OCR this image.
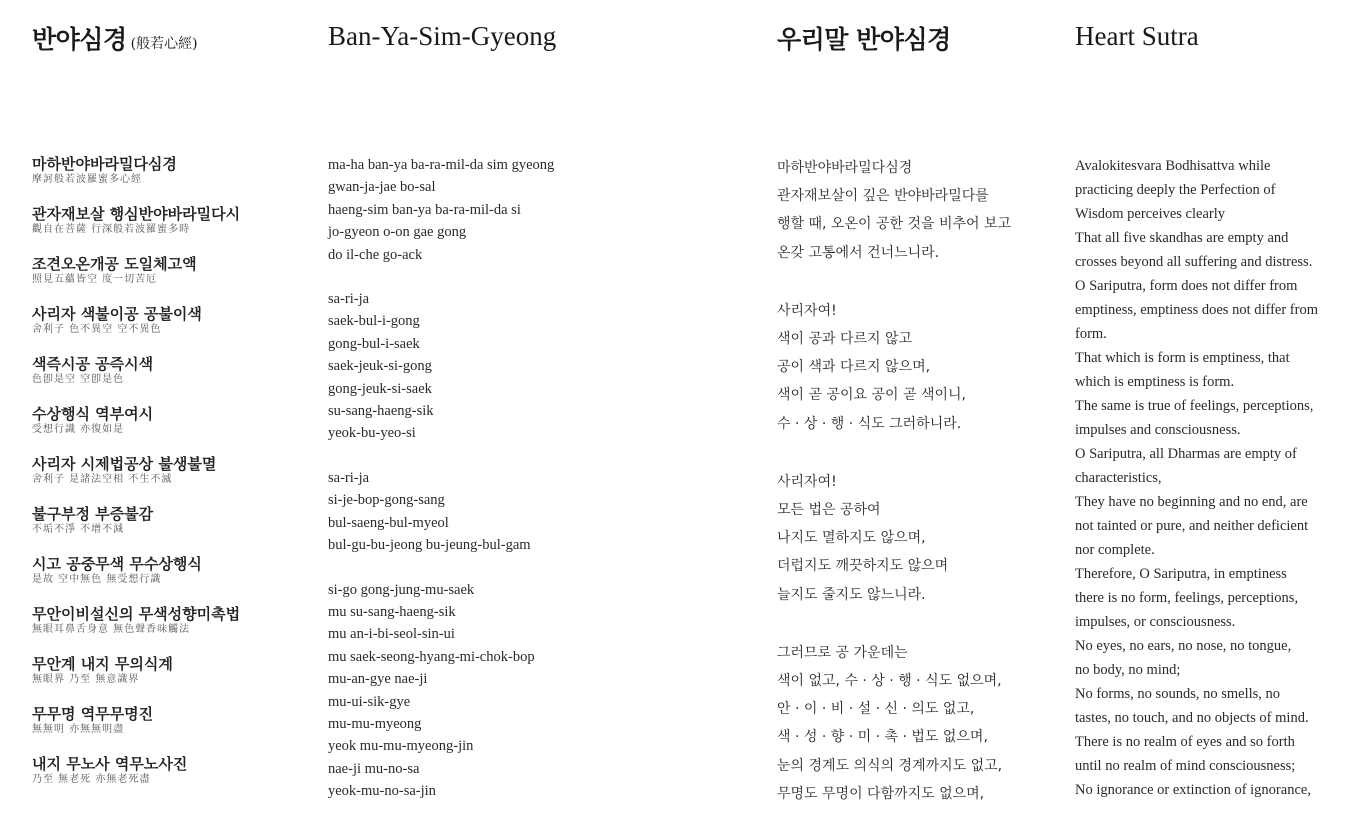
반야심경 (般若心經)
마하반야바라밀다심경
摩訶般若波羅蜜多心經
관자재보살 행심반야바라밀다시
觀自在菩薩 行深般若波羅蜜多時
조견오온개공 도일체고액
照見五蘊皆空 度一切苦厄
사리자 색불이공 공불이색
舍利子 色不異空 空不異色
색즉시공 공즉시색
色卽是空 空卽是色
수상행식 역부여시
受想行識 亦復如是
사리자 시제법공상 불생불멸
舍利子 是諸法空相 不生不滅
불구부정 부증불감
不垢不淨 不增不減
시고 공중무색 무수상행식
是故 空中無色 無受想行識
무안이비설신의 무색성향미촉법
無眼耳鼻舌身意 無色聲香味觸法
무안계 내지 무의식계
無眼界 乃至 無意識界
무무명 역무무명진
無無明 亦無無明盡
내지 무노사 역무노사진
乃至 無老死 亦無老死盡
Ban-Ya-Sim-Gyeong
ma-ha ban-ya ba-ra-mil-da sim gyeong
gwan-ja-jae bo-sal
haeng-sim ban-ya ba-ra-mil-da si
jo-gyeon o-on gae gong
do il-che go-ack
sa-ri-ja
saek-bul-i-gong
gong-bul-i-saek
saek-jeuk-si-gong
gong-jeuk-si-saek
su-sang-haeng-sik
yeok-bu-yeo-si
sa-ri-ja
si-je-bop-gong-sang
bul-saeng-bul-myeol
bul-gu-bu-jeong bu-jeung-bul-gam
si-go gong-jung-mu-saek
mu su-sang-haeng-sik
mu an-i-bi-seol-sin-ui
mu saek-seong-hyang-mi-chok-bop
mu-an-gye nae-ji
mu-ui-sik-gye
mu-mu-myeong
yeok mu-mu-myeong-jin
nae-ji mu-no-sa
yeok-mu-no-sa-jin
우리말 반야심경
마하반야바라밀다심경
관자재보살이 깊은 반야바라밀다를
행할 때, 오온이 공한 것을 비추어 보고
온갖 고통에서 건너느니라.
사리자여!
색이 공과 다르지 않고
공이 색과 다르지 않으며,
색이 곧 공이요 공이 곧 색이니,
수 · 상 · 행 · 식도 그러하니라.
사리자여!
모든 법은 공하여
나지도 멸하지도 않으며,
더럽지도 깨끗하지도 않으며
늘지도 줄지도 않느니라.
그러므로 공 가운데는
색이 없고, 수 · 상 · 행 · 식도 없으며,
안 · 이 · 비 · 설 · 신 · 의도 없고,
색 · 성 · 향 · 미 · 촉 · 법도 없으며,
눈의 경계도 의식의 경계까지도 없고,
무명도 무명이 다함까지도 없으며,
Heart Sutra
Avalokitesvara Bodhisattva while
practicing deeply the Perfection of
Wisdom perceives clearly
That all five skandhas are empty and
crosses beyond all suffering and distress.
O Sariputra, form does not differ from
emptiness, emptiness does not differ from
form.
That which is form is emptiness, that
which is emptiness is form.
The same is true of feelings, perceptions,
impulses and consciousness.
O Sariputra, all Dharmas are empty of
characteristics,
They have no beginning and no end, are
not tainted or pure, and neither deficient
nor complete.
Therefore, O Sariputra, in emptiness
there is no form, feelings, perceptions,
impulses, or consciousness.
No eyes, no ears, no nose, no tongue,
no body, no mind;
No forms, no sounds, no smells, no
tastes, no touch, and no objects of mind.
There is no realm of eyes and so forth
until no realm of mind consciousness;
No ignorance or extinction of ignorance,
